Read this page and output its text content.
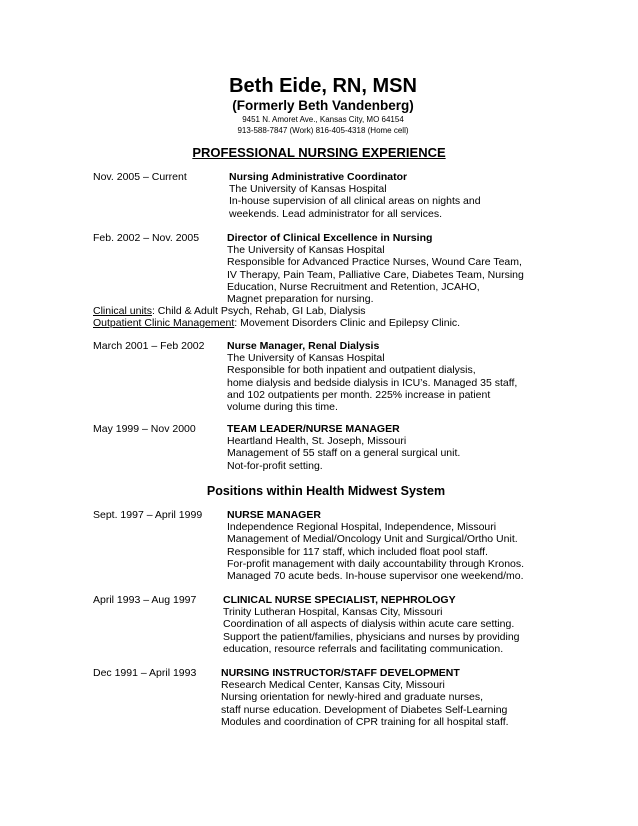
Beth Eide, RN, MSN
(Formerly Beth Vandenberg)
9451 N. Amoret Ave., Kansas City, MO 64154
913-588-7847 (Work) 816-405-4318 (Home cell)
PROFESSIONAL NURSING EXPERIENCE
Nov. 2005 – Current	Nursing Administrative Coordinator
The University of Kansas Hospital
In-house supervision of all clinical areas on nights and
weekends. Lead administrator for all services.
Feb. 2002 – Nov. 2005	Director of Clinical Excellence in Nursing
The University of Kansas Hospital
Responsible for Advanced Practice Nurses, Wound Care Team,
IV Therapy, Pain Team, Palliative Care, Diabetes Team, Nursing
Education, Nurse Recruitment and Retention, JCAHO,
Magnet preparation for nursing.
Clinical units: Child & Adult Psych, Rehab, GI Lab, Dialysis
Outpatient Clinic Management: Movement Disorders Clinic and Epilepsy Clinic.
March 2001 – Feb 2002 Nurse Manager, Renal Dialysis
The University of Kansas Hospital
Responsible for both inpatient and outpatient dialysis,
home dialysis and bedside dialysis in ICU’s. Managed 35 staff,
and 102 outpatients per month. 225% increase in patient
volume during this time.
May 1999 – Nov 2000	TEAM LEADER/NURSE MANAGER
Heartland Health, St. Joseph, Missouri
Management of 55 staff on a general surgical unit.
Not-for-profit setting.
Positions within Health Midwest System
Sept. 1997 – April 1999 NURSE MANAGER
Independence Regional Hospital, Independence, Missouri
Management of Medial/Oncology Unit and Surgical/Ortho Unit.
Responsible for 117 staff, which included float pool staff.
For-profit management with daily accountability through Kronos.
Managed 70 acute beds. In-house supervisor one weekend/mo.
April 1993 – Aug 1997	CLINICAL NURSE SPECIALIST, NEPHROLOGY
Trinity Lutheran Hospital, Kansas City, Missouri
Coordination of all aspects of dialysis within acute care setting.
Support the patient/families, physicians and nurses by providing
education, resource referrals and facilitating communication.
Dec 1991 – April 1993 NURSING INSTRUCTOR/STAFF DEVELOPMENT
Research Medical Center, Kansas City, Missouri
Nursing orientation for newly-hired and graduate nurses,
staff nurse education. Development of Diabetes Self-Learning
Modules and coordination of CPR training for all hospital staff.
